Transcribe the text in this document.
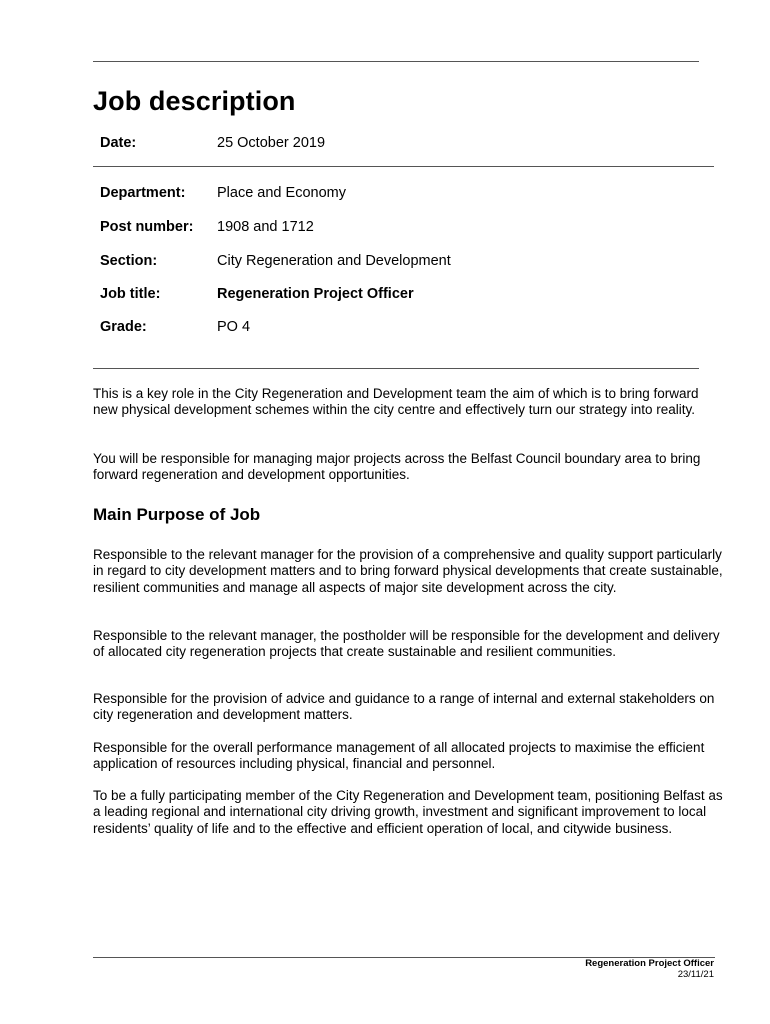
Job description
Date:	25 October 2019
Department: Place and Economy
Post number: 1908 and 1712
Section:	City Regeneration and Development
Job title:	Regeneration Project Officer
Grade:	PO 4

This is a key role in the City Regeneration and Development team the aim of which is to bring forward new physical development schemes within the city centre and effectively turn our strategy into reality.

You will be responsible for managing major projects across the Belfast Council boundary area to bring forward regeneration and development opportunities.

Main Purpose of Job

Responsible to the relevant manager for the provision of a comprehensive and quality support particularly in regard to city development matters and to bring forward physical developments that create sustainable, resilient communities and manage all aspects of major site development across the city.

Responsible to the relevant manager, the postholder will be responsible for the development and delivery of allocated city regeneration projects that create sustainable and resilient communities.

Responsible for the provision of advice and guidance to a range of internal and external stakeholders on city regeneration and development matters.

Responsible for the overall performance management of all allocated projects to maximise the efficient application of resources including physical, financial and personnel.

To be a fully participating member of the City Regeneration and Development team, positioning Belfast as a leading regional and international city driving growth, investment and significant improvement to local residents’ quality of life and to the effective and efficient operation of local, and citywide business.

Regeneration Project Officer
23/11/21
